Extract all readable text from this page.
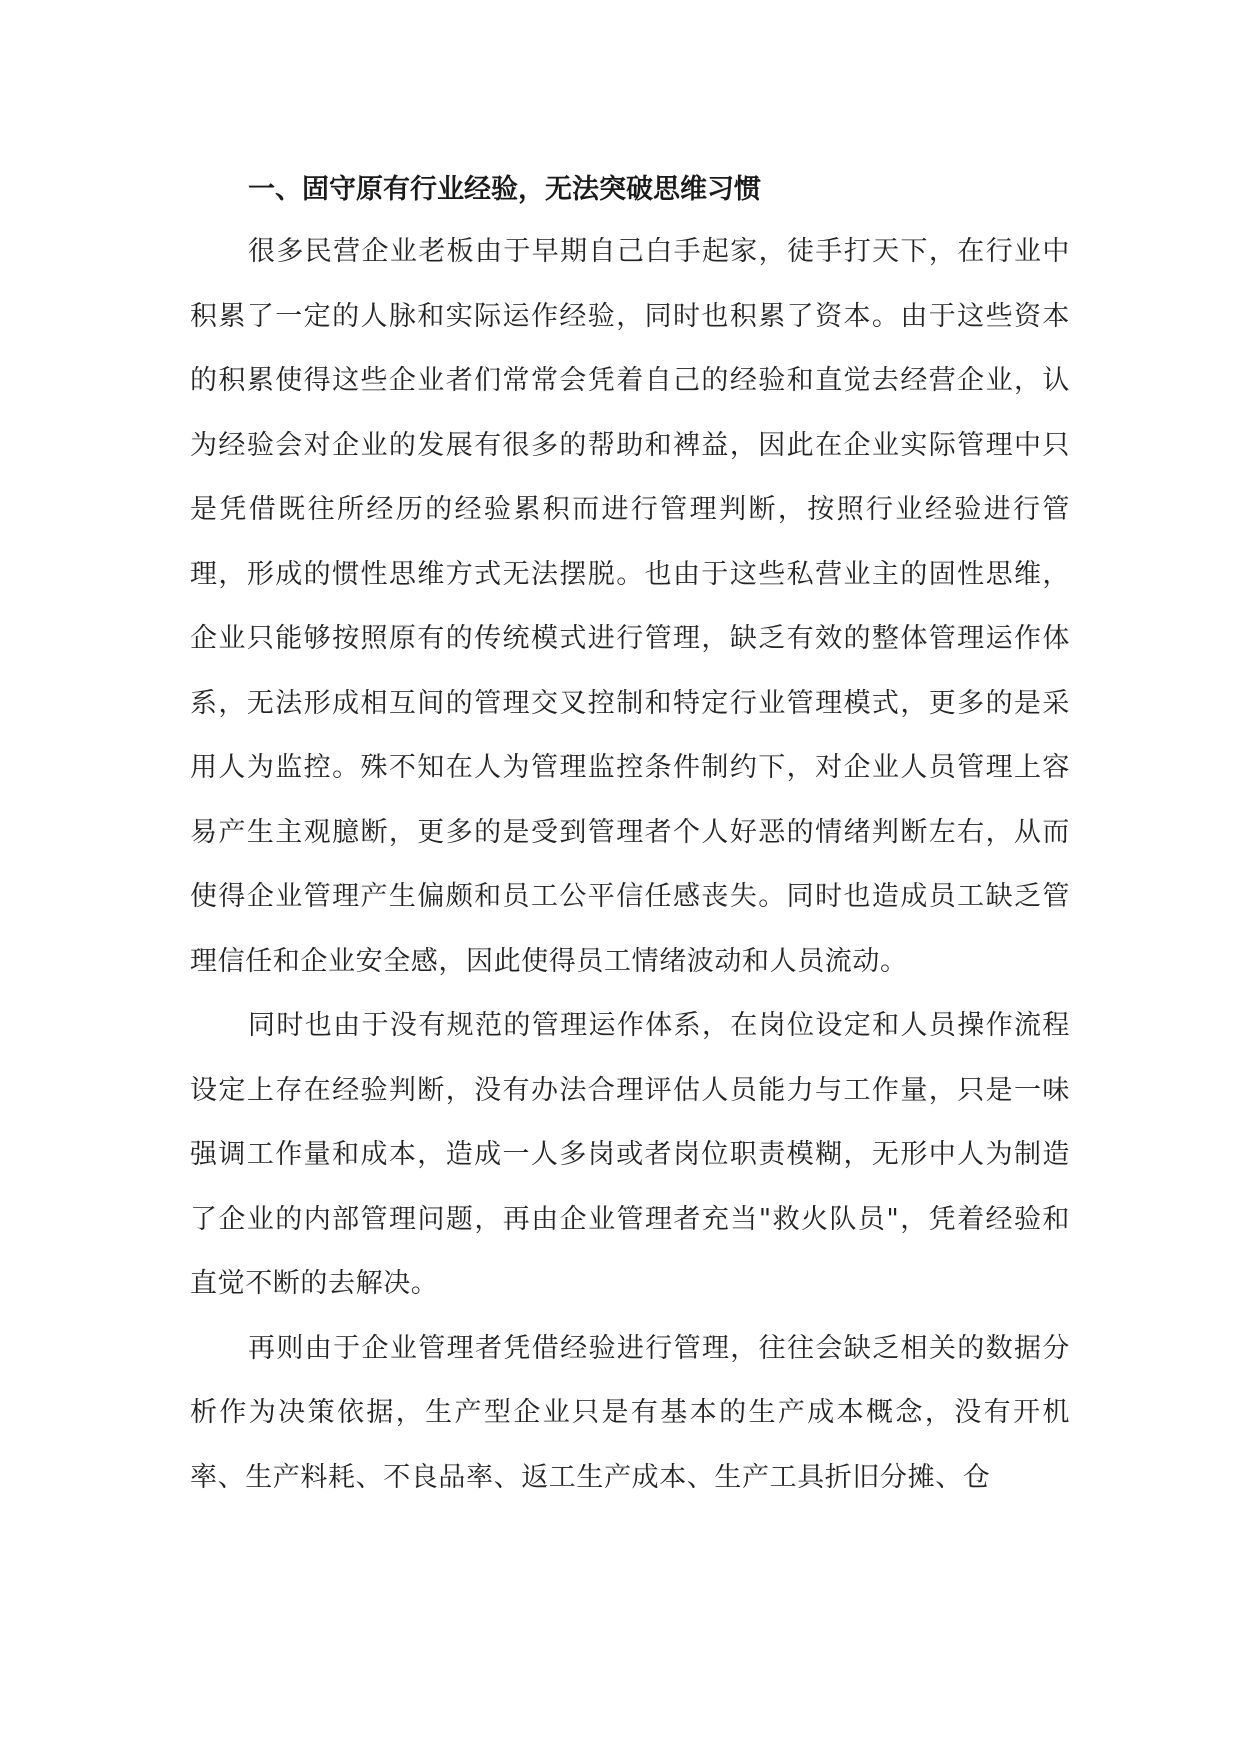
一、固守原有行业经验，无法突破思维习惯

很多民营企业老板由于早期自己白手起家，徒手打天下，在行业中积累了一定的人脉和实际运作经验，同时也积累了资本。由于这些资本的积累使得这些企业者们常常会凭着自己的经验和直觉去经营企业，认为经验会对企业的发展有很多的帮助和裨益，因此在企业实际管理中只是凭借既往所经历的经验累积而进行管理判断，按照行业经验进行管理，形成的惯性思维方式无法摆脱。也由于这些私营业主的固性思维，企业只能够按照原有的传统模式进行管理，缺乏有效的整体管理运作体系，无法形成相互间的管理交叉控制和特定行业管理模式，更多的是采用人为监控。殊不知在人为管理监控条件制约下，对企业人员管理上容易产生主观臆断，更多的是受到管理者个人好恶的情绪判断左右，从而使得企业管理产生偏颇和员工公平信任感丧失。同时也造成员工缺乏管理信任和企业安全感，因此使得员工情绪波动和人员流动。

同时也由于没有规范的管理运作体系，在岗位设定和人员操作流程设定上存在经验判断，没有办法合理评估人员能力与工作量，只是一味强调工作量和成本，造成一人多岗或者岗位职责模糊，无形中人为制造了企业的内部管理问题，再由企业管理者充当"救火队员"，凭着经验和直觉不断的去解决。

再则由于企业管理者凭借经验进行管理，往往会缺乏相关的数据分析作为决策依据，生产型企业只是有基本的生产成本概念，没有开机率、生产料耗、不良品率、返工生产成本、生产工具折旧分摊、仓
